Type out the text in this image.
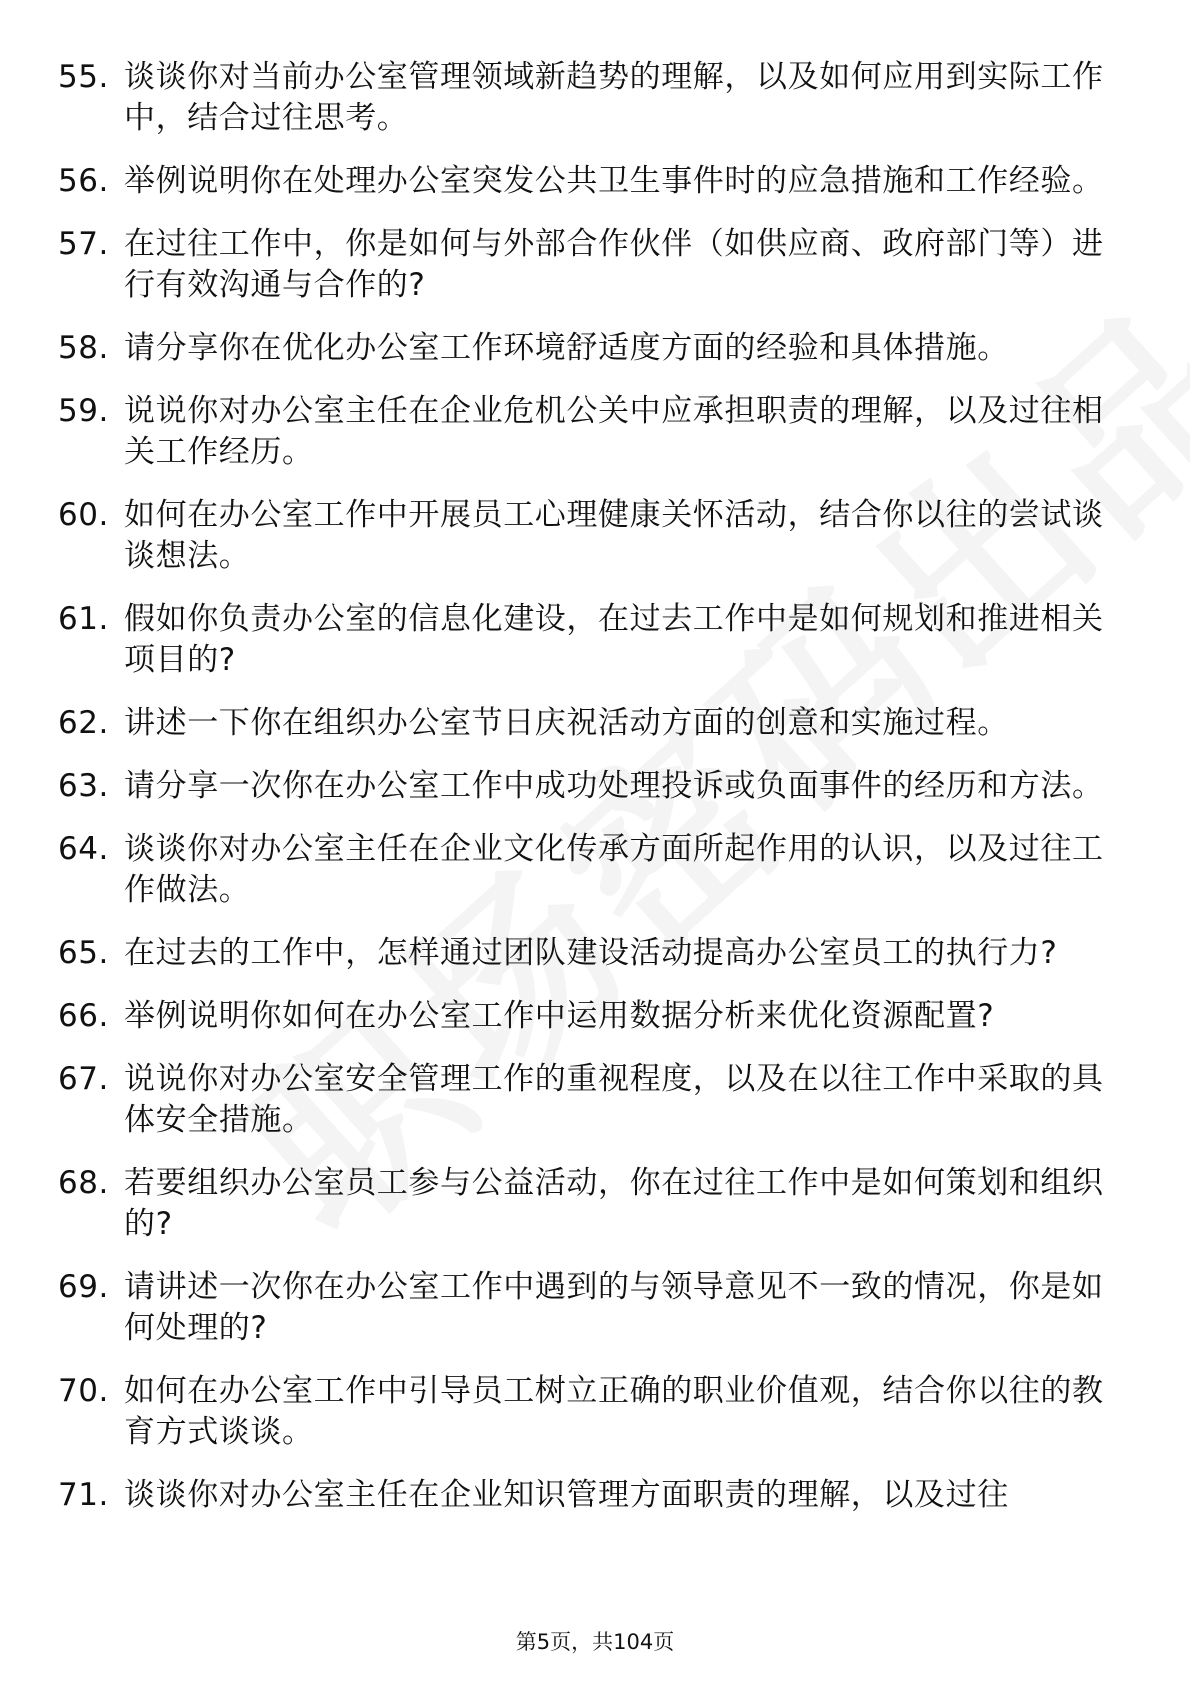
55. 谈谈你对当前办公室管理领域新趋势的理解，以及如何应用到实际工作中，结合过往思考。
56. 举例说明你在处理办公室突发公共卫生事件时的应急措施和工作经验。
57. 在过往工作中，你是如何与外部合作伙伴（如供应商、政府部门等）进行有效沟通与合作的?
58. 请分享你在优化办公室工作环境舒适度方面的经验和具体措施。
59. 说说你对办公室主任在企业危机公关中应承担职责的理解，以及过往相关工作经历。
60. 如何在办公室工作中开展员工心理健康关怀活动，结合你以往的尝试谈谈想法。
61. 假如你负责办公室的信息化建设，在过去工作中是如何规划和推进相关项目的?
62. 讲述一下你在组织办公室节日庆祝活动方面的创意和实施过程。
63. 请分享一次你在办公室工作中成功处理投诉或负面事件的经历和方法。
64. 谈谈你对办公室主任在企业文化传承方面所起作用的认识，以及过往工作做法。
65. 在过去的工作中，怎样通过团队建设活动提高办公室员工的执行力?
66. 举例说明你如何在办公室工作中运用数据分析来优化资源配置?
67. 说说你对办公室安全管理工作的重视程度，以及在以往工作中采取的具体安全措施。
68. 若要组织办公室员工参与公益活动，你在过往工作中是如何策划和组织的?
69. 请讲述一次你在办公室工作中遇到的与领导意见不一致的情况，你是如何处理的?
70. 如何在办公室工作中引导员工树立正确的职业价值观，结合你以往的教育方式谈谈。
71. 谈谈你对办公室主任在企业知识管理方面职责的理解，以及过往
第5页，共104页
